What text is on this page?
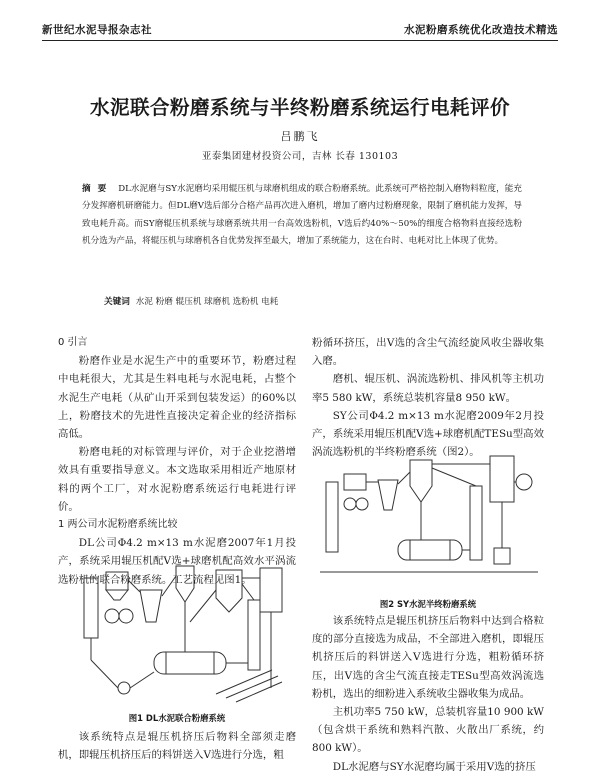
新世纪水泥导报杂志社	水泥粉磨系统优化改造技术精选
水泥联合粉磨系统与半终粉磨系统运行电耗评价
吕鹏飞
亚泰集团建材投资公司，吉林 长春 130103
摘 要 DL水泥磨与SY水泥磨均采用辊压机与球磨机组成的联合粉磨系统。此系统可严格控制入磨物料粒度，能充分发挥磨机研磨能力。但DL磨V选后部分合格产品再次进入磨机，增加了磨内过粉磨现象，限制了磨机能力发挥，导致电耗升高。而SY磨辊压机系统与球磨系统共用一台高效选粉机，V选后约40%～50%的细度合格物料直接经选粉机分选为产品，将辊压机与球磨机各自优势发挥至最大，增加了系统能力，这在台时、电耗对比上体现了优势。
关键词 水泥 粉磨 辊压机 球磨机 选粉机 电耗

0 引言

粉磨作业是水泥生产中的重要环节，粉磨过程中电耗很大，尤其是生料电耗与水泥电耗，占整个水泥生产电耗（从矿山开采到包装发运）的60%以上，粉磨技术的先进性直接决定着企业的经济指标高低。

粉磨电耗的对标管理与评价，对于企业挖潜增效具有重要指导意义。本文选取采用相近产地原材料的两个工厂，对水泥粉磨系统运行电耗进行评价。

1 两公司水泥粉磨系统比较

DL公司Φ4.2 m×13 m水泥磨2007年1月投产，系统采用辊压机配V选+球磨机配高效水平涡流选粉机的联合粉磨系统。工艺流程见图1。

图1 DL水泥联合粉磨系统

该系统特点是辊压机挤压后物料全部须走磨机，即辊压机挤压后的料饼送入V选进行分选，粗

粉循环挤压，出V选的含尘气流经旋风收尘器收集入磨。

磨机、辊压机、涡流选粉机、排风机等主机功率5 580 kW，系统总装机容量8 950 kW。

SY公司Φ4.2 m×13 m水泥磨2009年2月投产，系统采用辊压机配V选+球磨机配TESu型高效涡流选粉机的半终粉磨系统（图2）。

图2 SY水泥半终粉磨系统

该系统特点是辊压机挤压后物料中达到合格粒度的部分直接选为成品，不全部进入磨机，即辊压机挤压后的料饼送入V选进行分选，粗粉循环挤压，出V选的含尘气流直接走TESu型高效涡流选粉机，选出的细粉进入系统收尘器收集为成品。

主机功率5 750 kW，总装机容量10 900 kW（包含烘干系统和熟料汽散、火散出厂系统，约800 kW）。

DL水泥磨与SY水泥磨均属于采用V选的挤压
